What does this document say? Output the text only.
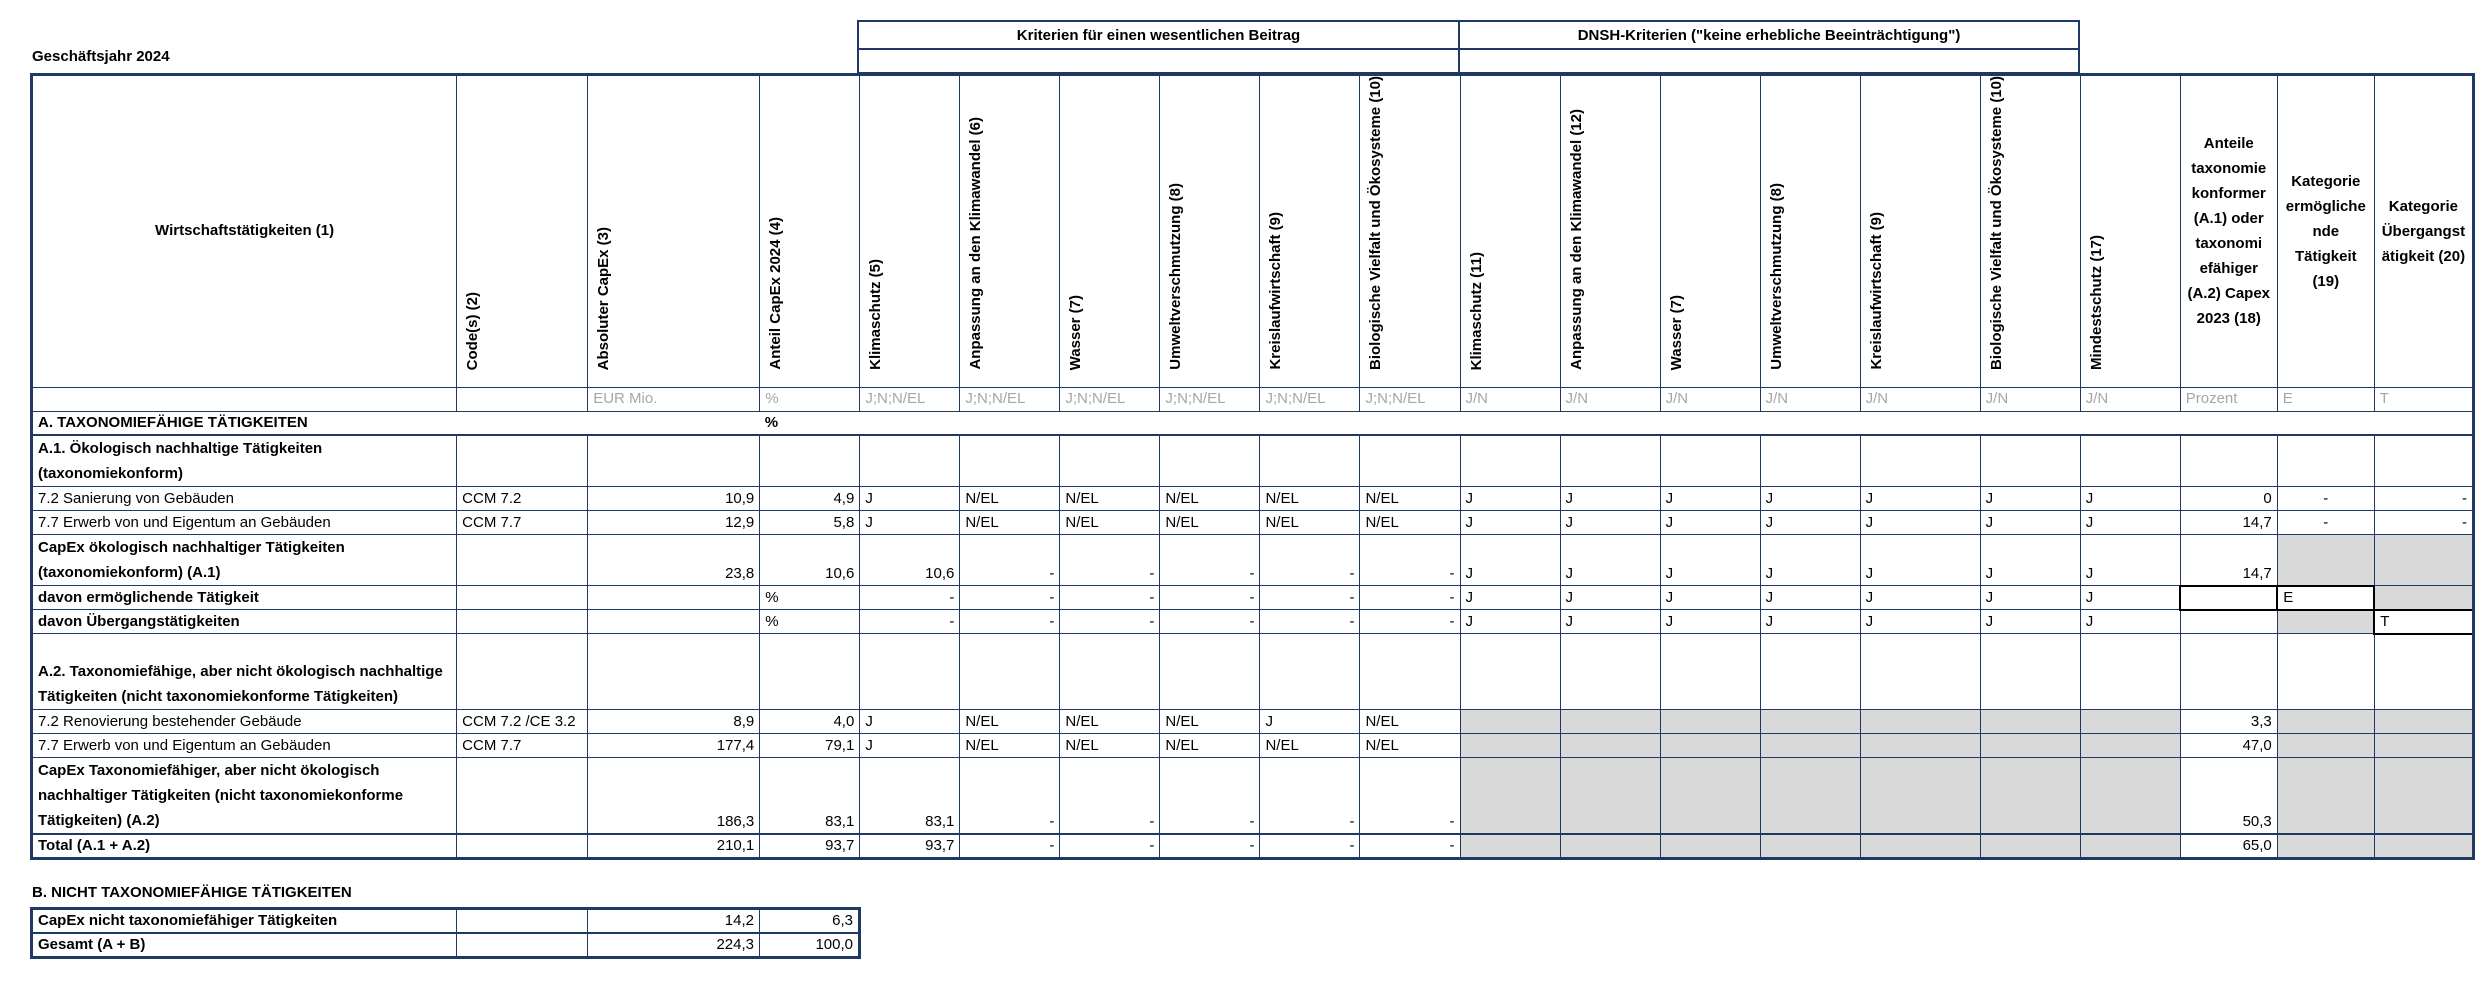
Geschäftsjahr 2024
Kriterien für einen wesentlichen Beitrag	DNSH-Kriterien ("keine erhebliche Beeinträchtigung")
Wirtschaftstätigkeiten (1)	Code(s) (2)	Absoluter CapEx (3)	Anteil CapEx 2024 (4)	Klimaschutz (5)	Anpassung an den Klimawandel (6)	Wasser (7)	Umweltverschmutzung (8)	Kreislaufwirtschaft (9)	Biologische Vielfalt und Ökosysteme (10)	Klimaschutz (11)	Anpassung an den Klimawandel (12)	Wasser (7)	Umweltverschmutzung (8)	Kreislaufwirtschaft (9)	Biologische Vielfalt und Ökosysteme (10)	Mindestschutz (17)	Anteile taxonomie konformer (A.1) oder taxonomi efähiger (A.2) Capex 2023 (18)	Kategorie ermögliche nde Tätigkeit (19)	Kategorie Übergangst ätigkeit (20)
		EUR Mio.	%	J;N;N/EL	J;N;N/EL	J;N;N/EL	J;N;N/EL	J;N;N/EL	J;N;N/EL	J/N	J/N	J/N	J/N	J/N	J/N	J/N	Prozent	E	T
A. TAXONOMIEFÄHIGE TÄTIGKEITEN			%																
A.1. Ökologisch nachhaltige Tätigkeiten (taxonomiekonform)																			
7.2 Sanierung von Gebäuden	CCM 7.2	10,9	4,9	J	N/EL	N/EL	N/EL	N/EL	N/EL	J	J	J	J	J	J	J	0	-	-
7.7 Erwerb von und Eigentum an Gebäuden	CCM 7.7	12,9	5,8	J	N/EL	N/EL	N/EL	N/EL	N/EL	J	J	J	J	J	J	J	14,7	-	-
CapEx ökologisch nachhaltiger Tätigkeiten (taxonomiekonform) (A.1)		23,8	10,6	10,6	-	-	-	-	-	J	J	J	J	J	J	J	14,7		
davon ermöglichende Tätigkeit			%	-	-	-	-	-	-	J	J	J	J	J	J	J		E	
davon Übergangstätigkeiten			%	-	-	-	-	-	-	J	J	J	J	J	J	J			T
A.2. Taxonomiefähige, aber nicht ökologisch nachhaltige Tätigkeiten (nicht taxonomiekonforme Tätigkeiten)																			
7.2 Renovierung bestehender Gebäude	CCM 7.2 /CE 3.2	8,9	4,0	J	N/EL	N/EL	N/EL	J	N/EL								3,3		
7.7 Erwerb von und Eigentum an Gebäuden	CCM 7.7	177,4	79,1	J	N/EL	N/EL	N/EL	N/EL	N/EL								47,0		
CapEx Taxonomiefähiger, aber nicht ökologisch nachhaltiger Tätigkeiten (nicht taxonomiekonforme Tätigkeiten) (A.2)		186,3	83,1	83,1	-	-	-	-	-								50,3		
Total (A.1 + A.2)		210,1	93,7	93,7	-	-	-	-	-								65,0		
B. NICHT TAXONOMIEFÄHIGE TÄTIGKEITEN
CapEx nicht taxonomiefähiger Tätigkeiten		14,2	6,3
Gesamt (A + B)		224,3	100,0
